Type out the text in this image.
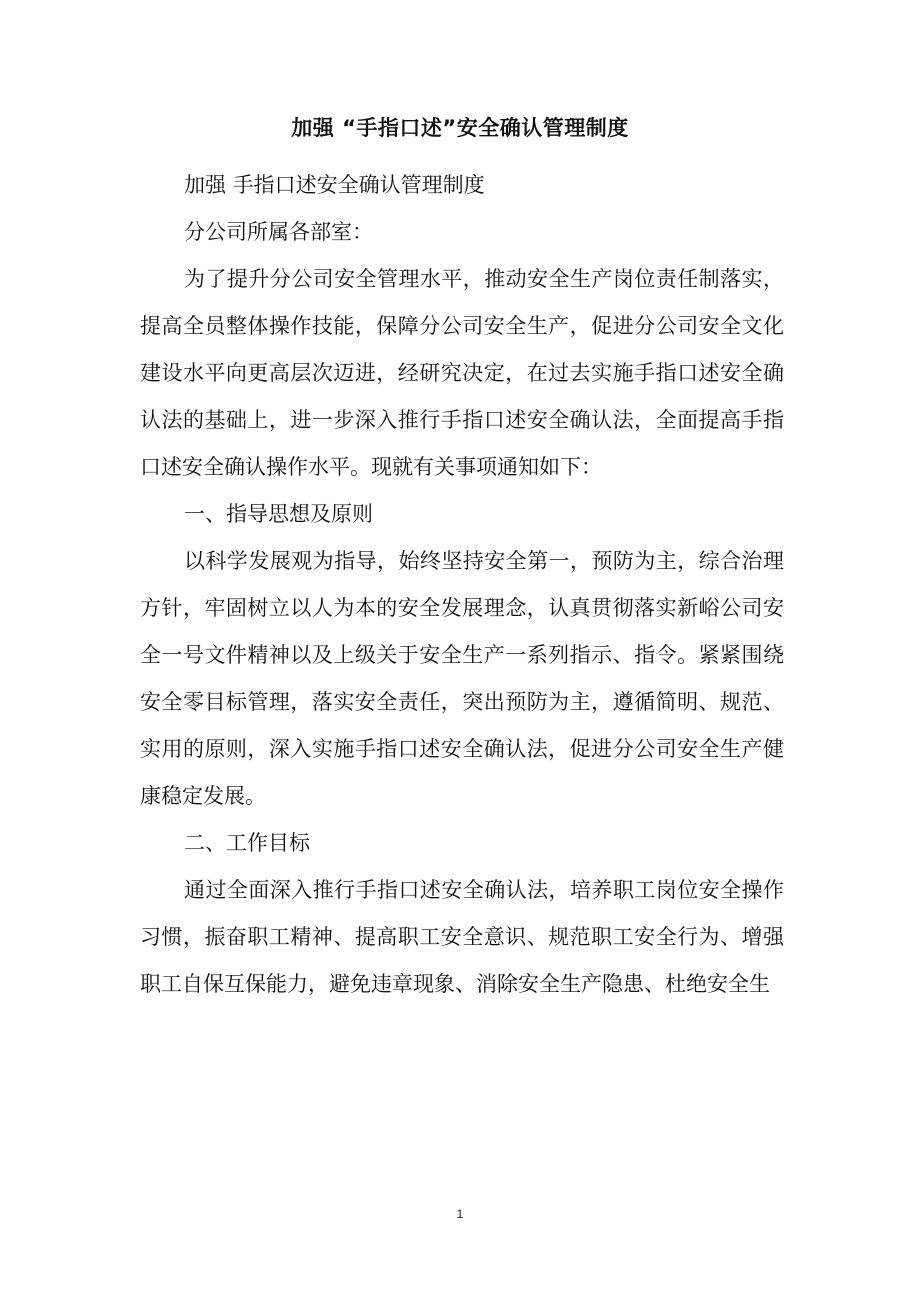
加强 “手指口述”安全确认管理制度

加强 手指口述安全确认管理制度

分公司所属各部室：

为了提升分公司安全管理水平，推动安全生产岗位责任制落实，提高全员整体操作技能，保障分公司安全生产，促进分公司安全文化建设水平向更高层次迈进，经研究决定，在过去实施手指口述安全确认法的基础上，进一步深入推行手指口述安全确认法，全面提高手指口述安全确认操作水平。现就有关事项通知如下：

一、指导思想及原则

以科学发展观为指导，始终坚持安全第一，预防为主，综合治理方针，牢固树立以人为本的安全发展理念，认真贯彻落实新峪公司安全一号文件精神以及上级关于安全生产一系列指示、指令。紧紧围绕安全零目标管理，落实安全责任，突出预防为主，遵循简明、规范、实用的原则，深入实施手指口述安全确认法，促进分公司安全生产健康稳定发展。

二、工作目标

通过全面深入推行手指口述安全确认法，培养职工岗位安全操作习惯，振奋职工精神、提高职工安全意识、规范职工安全行为、增强职工自保互保能力，避免违章现象、消除安全生产隐患、杜绝安全生

1
